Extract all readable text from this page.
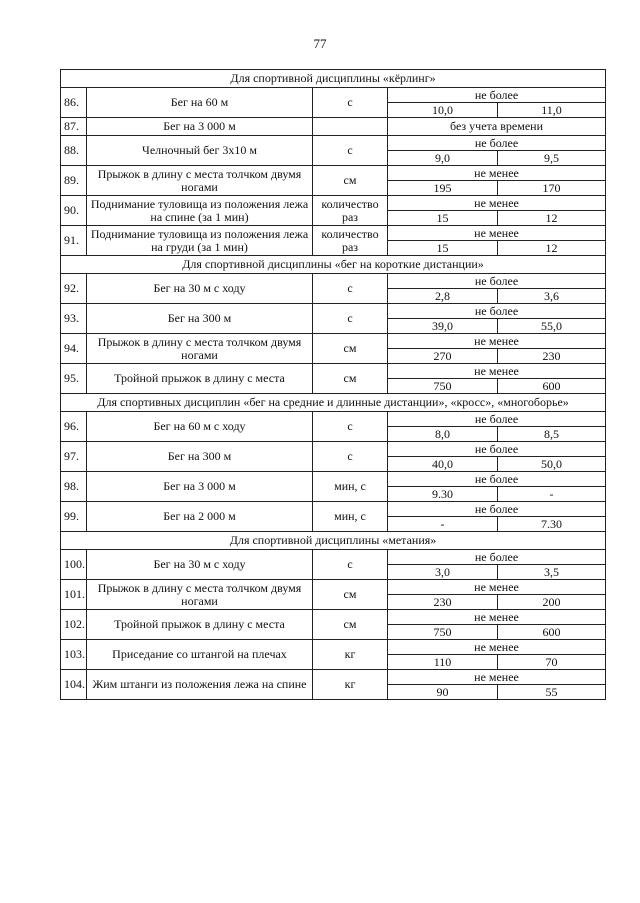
77
Для спортивной дисциплины «кёрлинг»				
86.	Бег на 60 м	с	не более	
			10,0	11,0
87.	Бег на 3 000 м		без учета времени	
88.	Челночный бег 3х10 м	с	не более	
			9,0	9,5
89.	Прыжок в длину с места толчком двумя ногами	см	не менее	
			195	170
90.	Поднимание туловища из положения лежа на спине (за 1 мин)	количество раз	не менее	
			15	12
91.	Поднимание туловища из положения лежа на груди (за 1 мин)	количество раз	не менее	
			15	12
Для спортивной дисциплины «бег на короткие дистанции»				
92.	Бег на 30 м с ходу	с	не более	
			2,8	3,6
93.	Бег на 300 м	с	не более	
			39,0	55,0
94.	Прыжок в длину с места толчком двумя ногами	см	не менее	
			270	230
95.	Тройной прыжок в длину с места	см	не менее	
			750	600
Для спортивных дисциплин «бег на средние и длинные дистанции», «кросс», «многоборье»				
96.	Бег на 60 м с ходу	с	не более	
			8,0	8,5
97.	Бег на 300 м	с	не более	
			40,0	50,0
98.	Бег на 3 000 м	мин, с	не более	
			9.30	-
99.	Бег на 2 000 м	мин, с	не более	
			-	7.30
Для спортивной дисциплины «метания»				
100.	Бег на 30 м с ходу	с	не более	
			3,0	3,5
101.	Прыжок в длину с места толчком двумя ногами	см	не менее	
			230	200
102.	Тройной прыжок в длину с места	см	не менее	
			750	600
103.	Приседание со штангой на плечах	кг	не менее	
			110	70
104.	Жим штанги из положения лежа на спине	кг	не менее	
			90	55
